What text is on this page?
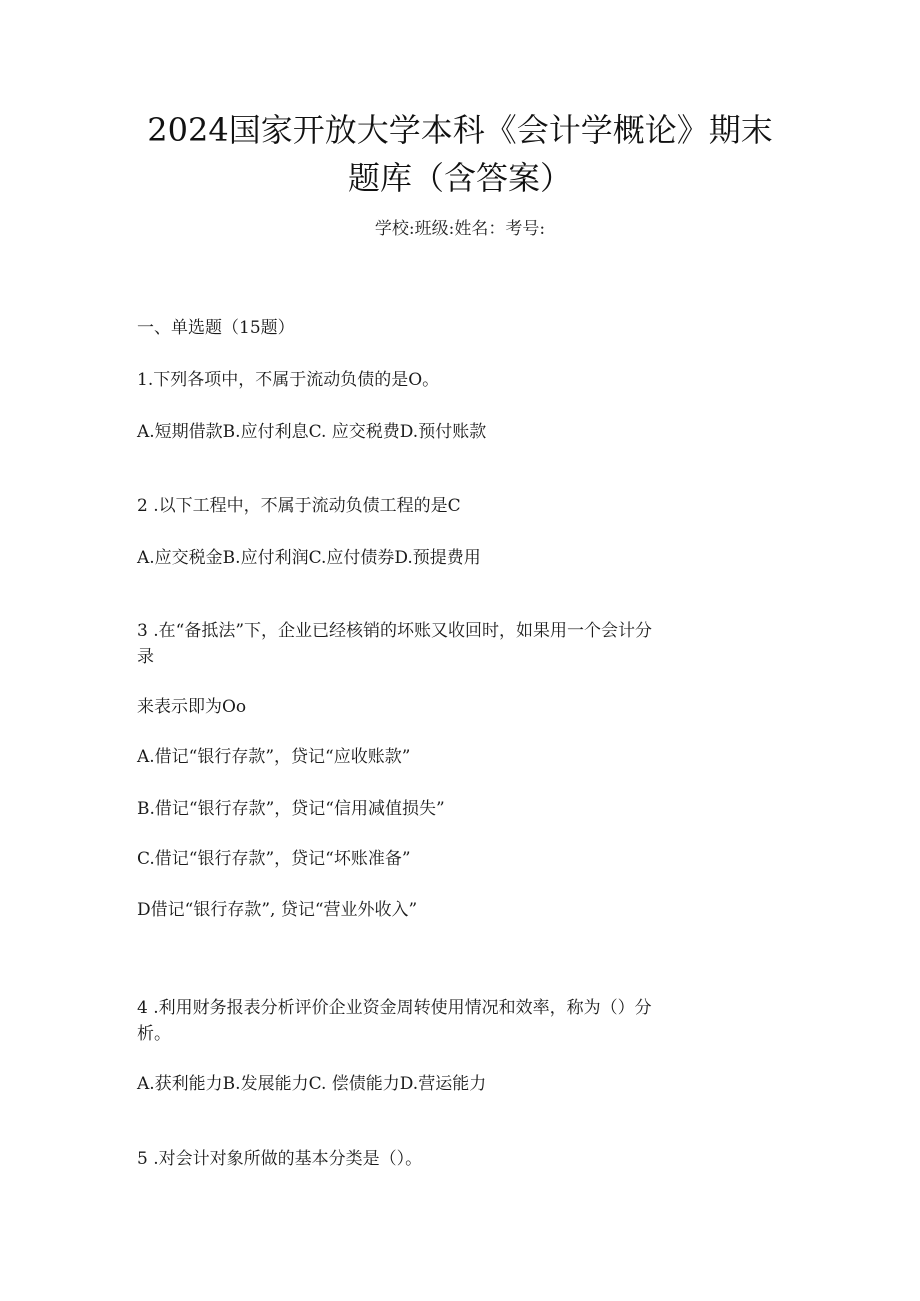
2024国家开放大学本科《会计学概论》期末
题库（含答案）
学校:班级:姓名：考号:
一、单选题（15题）
1.下列各项中，不属于流动负债的是O。
A.短期借款B.应付利息C. 应交税费D.预付账款
2 .以下工程中，不属于流动负债工程的是C
A.应交税金B.应付利润C.应付债券D.预提费用
3 .在“备抵法”下，企业已经核销的坏账又收回时，如果用一个会计分
录
来表示即为Oo
A.借记“银行存款”，贷记“应收账款”
B.借记“银行存款”，贷记“信用减值损失”
C.借记“银行存款”，贷记“坏账准备”
D借记“银行存款”, 贷记“营业外收入”
4 .利用财务报表分析评价企业资金周转使用情况和效率，称为（）分
析。
A.获利能力B.发展能力C. 偿债能力D.营运能力
5 .对会计对象所做的基本分类是（）。
